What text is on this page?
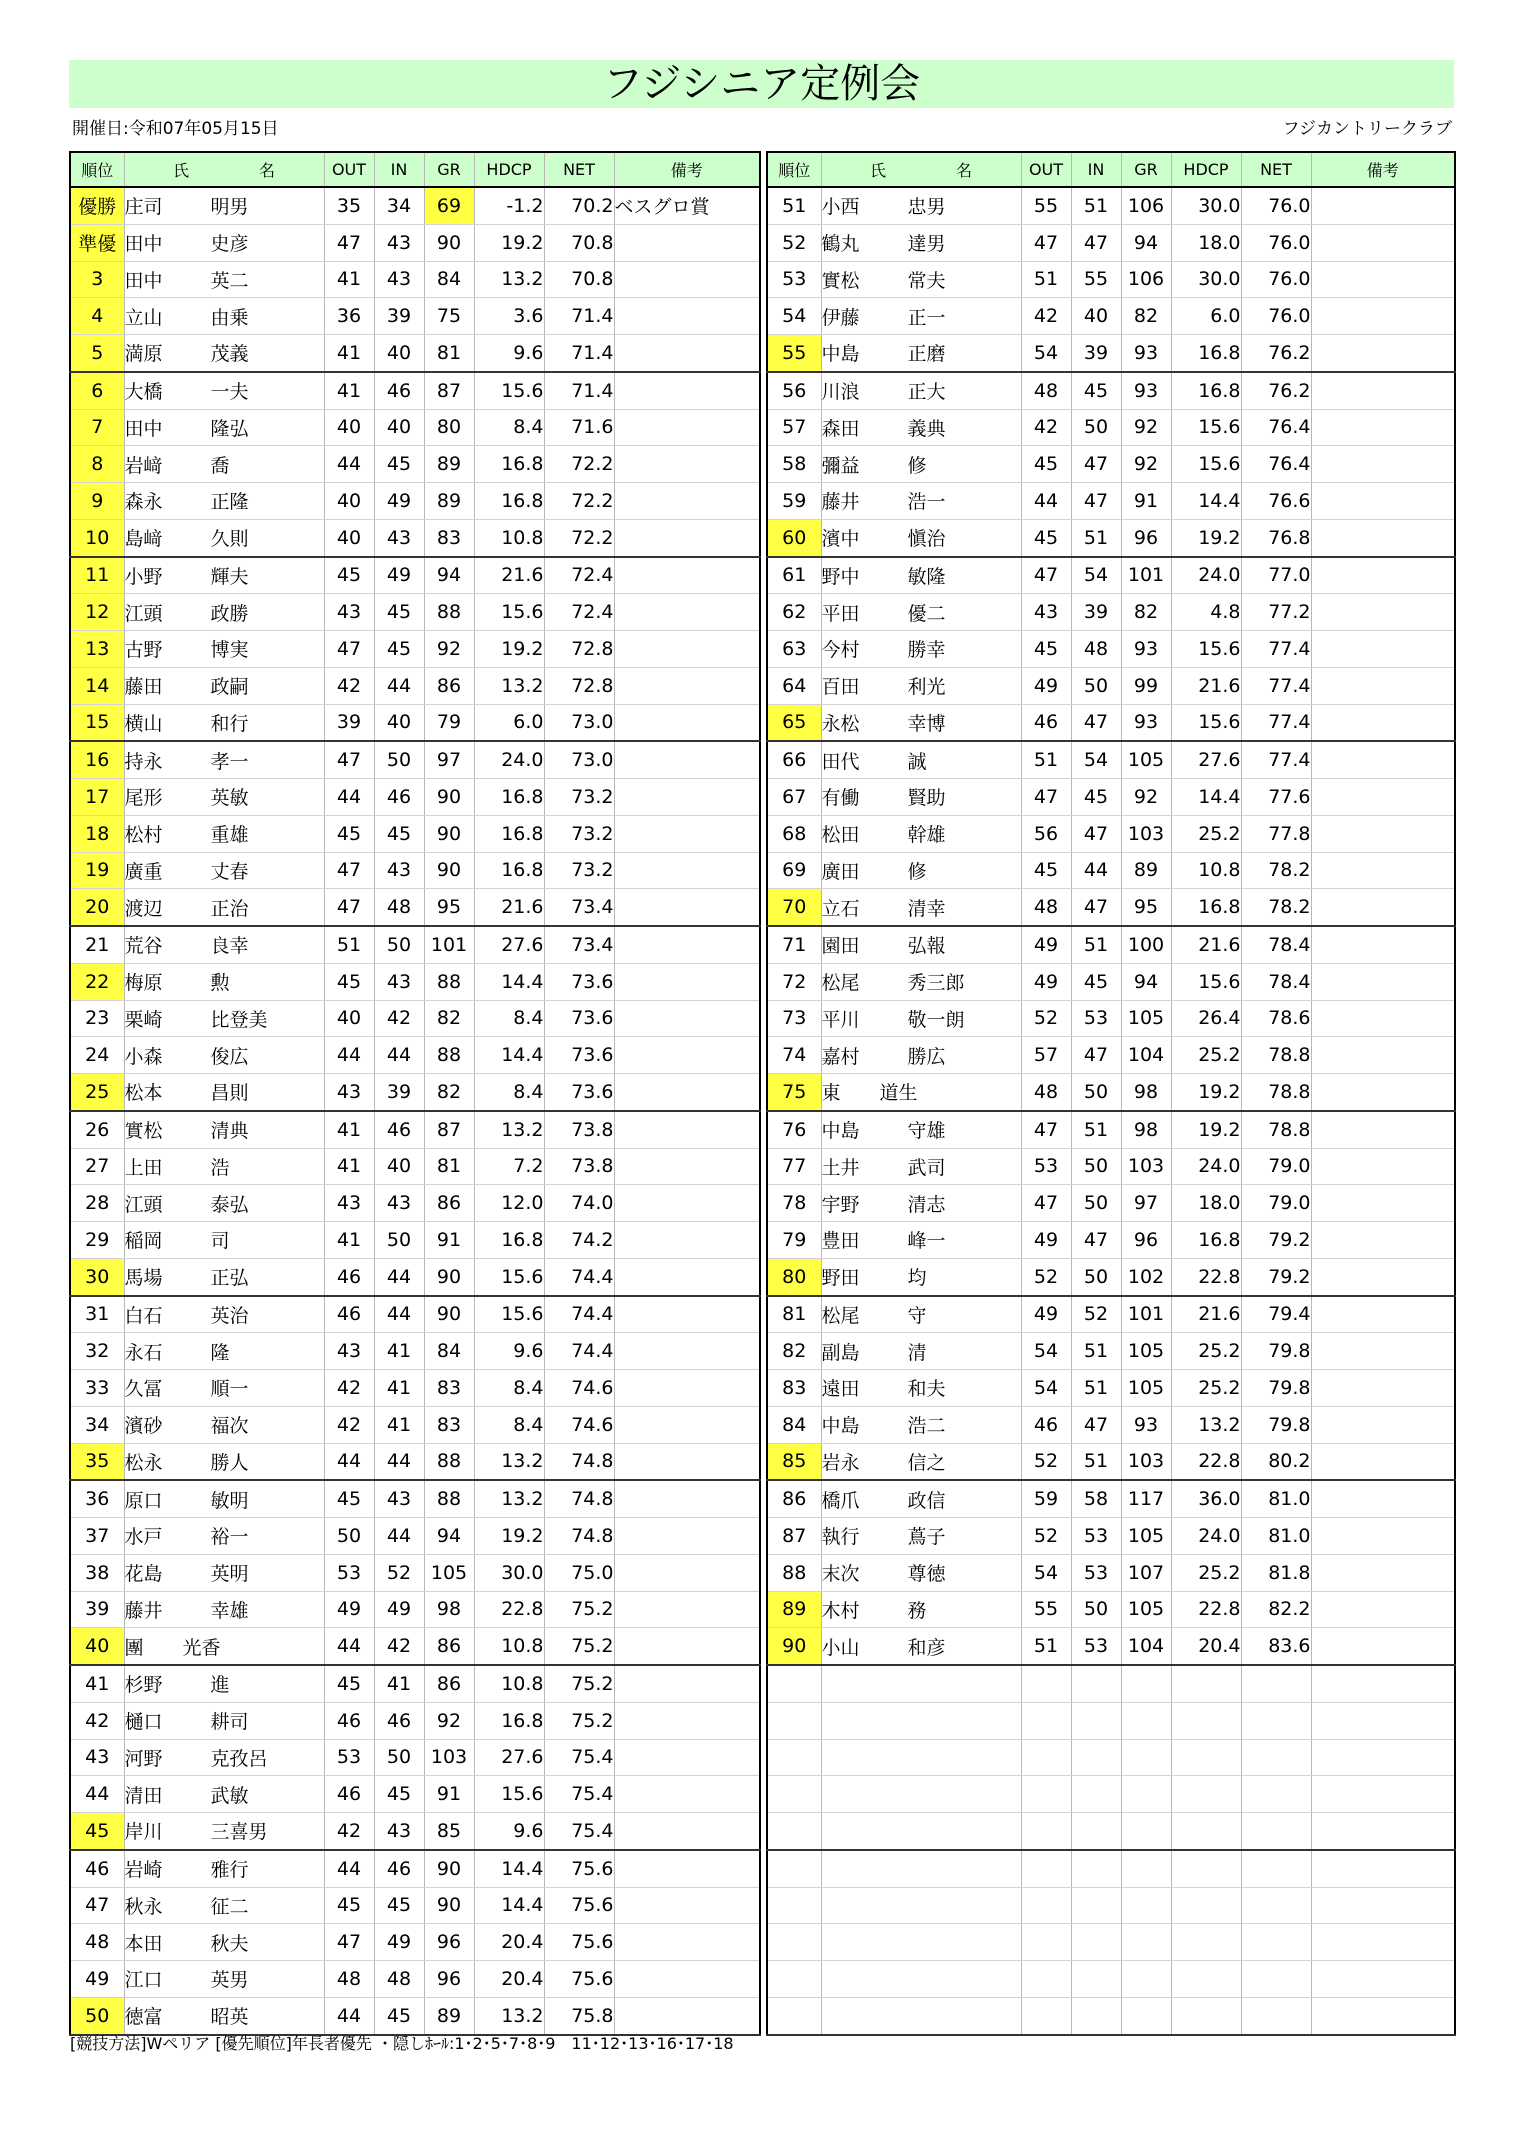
フジシニア定例会
開催日:令和07年05月15日	フジカントリークラブ
順位	氏 名	OUT	IN	GR	HDCP	NET	備考
優勝	庄司 明男	35	34	69	-1.2	70.2	ベスグロ賞
準優	田中 史彦	47	43	90	19.2	70.8	
3	田中 英二	41	43	84	13.2	70.8	
4	立山 由乗	36	39	75	3.6	71.4	
5	満原 茂義	41	40	81	9.6	71.4	
6	大橋 一夫	41	46	87	15.6	71.4	
7	田中 隆弘	40	40	80	8.4	71.6	
8	岩﨑 喬	44	45	89	16.8	72.2	
9	森永 正隆	40	49	89	16.8	72.2	
10	島﨑 久則	40	43	83	10.8	72.2	
11	小野 輝夫	45	49	94	21.6	72.4	
12	江頭 政勝	43	45	88	15.6	72.4	
13	古野 博実	47	45	92	19.2	72.8	
14	藤田 政嗣	42	44	86	13.2	72.8	
15	横山 和行	39	40	79	6.0	73.0	
16	持永 孝一	47	50	97	24.0	73.0	
17	尾形 英敏	44	46	90	16.8	73.2	
18	松村 重雄	45	45	90	16.8	73.2	
19	廣重 丈春	47	43	90	16.8	73.2	
20	渡辺 正治	47	48	95	21.6	73.4	
21	荒谷 良幸	51	50	101	27.6	73.4	
22	梅原 勲	45	43	88	14.4	73.6	
23	栗崎 比登美	40	42	82	8.4	73.6	
24	小森 俊広	44	44	88	14.4	73.6	
25	松本 昌則	43	39	82	8.4	73.6	
26	實松 清典	41	46	87	13.2	73.8	
27	上田 浩	41	40	81	7.2	73.8	
28	江頭 泰弘	43	43	86	12.0	74.0	
29	稲岡 司	41	50	91	16.8	74.2	
30	馬場 正弘	46	44	90	15.6	74.4	
31	白石 英治	46	44	90	15.6	74.4	
32	永石 隆	43	41	84	9.6	74.4	
33	久冨 順一	42	41	83	8.4	74.6	
34	濱砂 福次	42	41	83	8.4	74.6	
35	松永 勝人	44	44	88	13.2	74.8	
36	原口 敏明	45	43	88	13.2	74.8	
37	水戸 裕一	50	44	94	19.2	74.8	
38	花島 英明	53	52	105	30.0	75.0	
39	藤井 幸雄	49	49	98	22.8	75.2	
40	團 光香	44	42	86	10.8	75.2	
41	杉野 進	45	41	86	10.8	75.2	
42	樋口 耕司	46	46	92	16.8	75.2	
43	河野 克孜呂	53	50	103	27.6	75.4	
44	清田 武敏	46	45	91	15.6	75.4	
45	岸川 三喜男	42	43	85	9.6	75.4	
46	岩崎 雅行	44	46	90	14.4	75.6	
47	秋永 征二	45	45	90	14.4	75.6	
48	本田 秋夫	47	49	96	20.4	75.6	
49	江口 英男	48	48	96	20.4	75.6	
50	徳富 昭英	44	45	89	13.2	75.8	
順位	氏 名	OUT	IN	GR	HDCP	NET	備考
51	小西 忠男	55	51	106	30.0	76.0	
52	鶴丸 達男	47	47	94	18.0	76.0	
53	實松 常夫	51	55	106	30.0	76.0	
54	伊藤 正一	42	40	82	6.0	76.0	
55	中島 正磨	54	39	93	16.8	76.2	
56	川浪 正大	48	45	93	16.8	76.2	
57	森田 義典	42	50	92	15.6	76.4	
58	彌益 修	45	47	92	15.6	76.4	
59	藤井 浩一	44	47	91	14.4	76.6	
60	濱中 愼治	45	51	96	19.2	76.8	
61	野中 敏隆	47	54	101	24.0	77.0	
62	平田 優二	43	39	82	4.8	77.2	
63	今村 勝幸	45	48	93	15.6	77.4	
64	百田 利光	49	50	99	21.6	77.4	
65	永松 幸博	46	47	93	15.6	77.4	
66	田代 誠	51	54	105	27.6	77.4	
67	有働 賢助	47	45	92	14.4	77.6	
68	松田 幹雄	56	47	103	25.2	77.8	
69	廣田 修	45	44	89	10.8	78.2	
70	立石 清幸	48	47	95	16.8	78.2	
71	園田 弘報	49	51	100	21.6	78.4	
72	松尾 秀三郎	49	45	94	15.6	78.4	
73	平川 敬一朗	52	53	105	26.4	78.6	
74	嘉村 勝広	57	47	104	25.2	78.8	
75	東 道生	48	50	98	19.2	78.8	
76	中島 守雄	47	51	98	19.2	78.8	
77	土井 武司	53	50	103	24.0	79.0	
78	宇野 清志	47	50	97	18.0	79.0	
79	豊田 峰一	49	47	96	16.8	79.2	
80	野田 均	52	50	102	22.8	79.2	
81	松尾 守	49	52	101	21.6	79.4	
82	副島 清	54	51	105	25.2	79.8	
83	遠田 和夫	54	51	105	25.2	79.8	
84	中島 浩二	46	47	93	13.2	79.8	
85	岩永 信之	52	51	103	22.8	80.2	
86	橋爪 政信	59	58	117	36.0	81.0	
87	執行 蔦子	52	53	105	24.0	81.0	
88	末次 尊徳	54	53	107	25.2	81.8	
89	木村 務	55	50	105	22.8	82.2	
90	小山 和彦	51	53	104	20.4	83.6	

[競技方法]Wペリア [優先順位]年長者優先 ・隠しﾎｰﾙ:1･2･5･7･8･9　11･12･13･16･17･18
